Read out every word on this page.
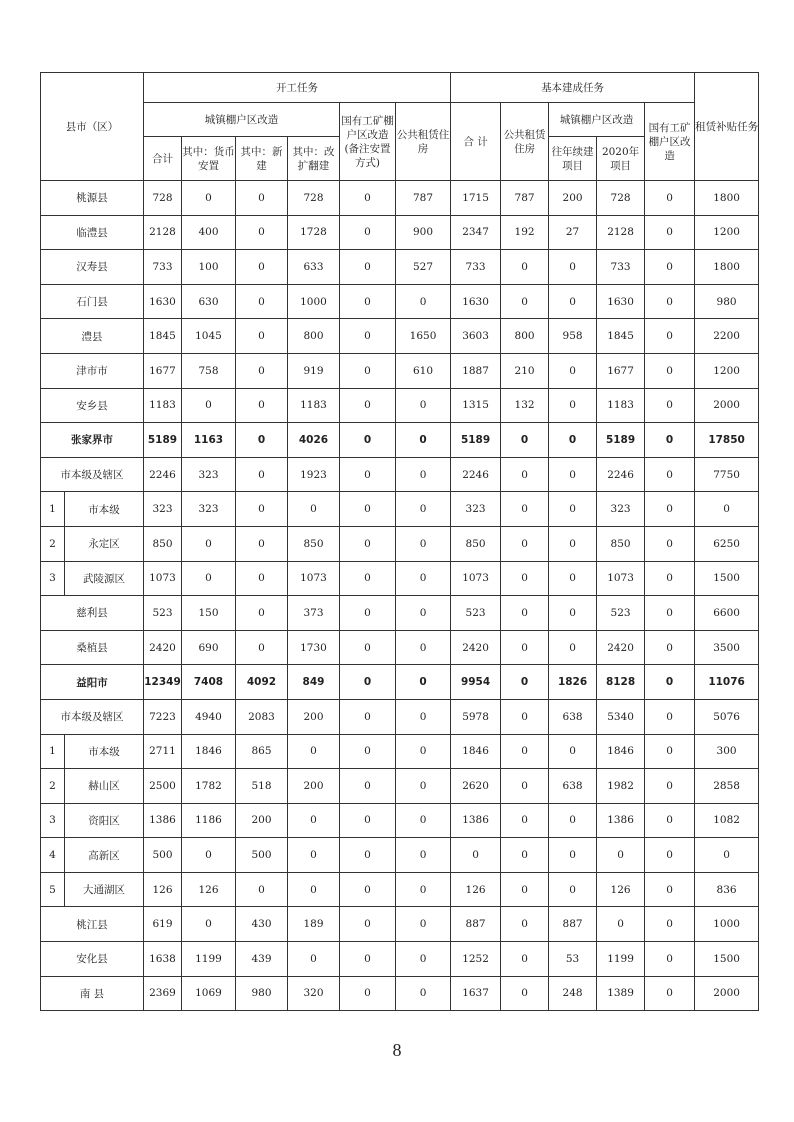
县市（区）		开工任务						基本建成任务					租赁补贴任务
		城镇棚户区改造				国有工矿棚户区改造(备注安置方式)	公共租赁住房	合 计	公共租赁住房	城镇棚户区改造		国有工矿棚户区改造	
		合计	其中：货币安置	其中：新 建	其中：改扩翻建					往年续建项目	2020年项目		
桃源县		728	0	0	728	0	787	1715	787	200	728	0	1800
临澧县		2128	400	0	1728	0	900	2347	192	27	2128	0	1200
汉寿县		733	100	0	633	0	527	733	0	0	733	0	1800
石门县		1630	630	0	1000	0	0	1630	0	0	1630	0	980
澧县		1845	1045	0	800	0	1650	3603	800	958	1845	0	2200
津市市		1677	758	0	919	0	610	1887	210	0	1677	0	1200
安乡县		1183	0	0	1183	0	0	1315	132	0	1183	0	2000
张家界市		5189	1163	0	4026	0	0	5189	0	0	5189	0	17850
市本级及辖区		2246	323	0	1923	0	0	2246	0	0	2246	0	7750
1	市本级	323	323	0	0	0	0	323	0	0	323	0	0
2	永定区	850	0	0	850	0	0	850	0	0	850	0	6250
3	武陵源区	1073	0	0	1073	0	0	1073	0	0	1073	0	1500
慈利县		523	150	0	373	0	0	523	0	0	523	0	6600
桑植县		2420	690	0	1730	0	0	2420	0	0	2420	0	3500
益阳市		12349	7408	4092	849	0	0	9954	0	1826	8128	0	11076
市本级及辖区		7223	4940	2083	200	0	0	5978	0	638	5340	0	5076
1	市本级	2711	1846	865	0	0	0	1846	0	0	1846	0	300
2	赫山区	2500	1782	518	200	0	0	2620	0	638	1982	0	2858
3	资阳区	1386	1186	200	0	0	0	1386	0	0	1386	0	1082
4	高新区	500	0	500	0	0	0	0	0	0	0	0	0
5	大通湖区	126	126	0	0	0	0	126	0	0	126	0	836
桃江县		619	0	430	189	0	0	887	0	887	0	0	1000
安化县		1638	1199	439	0	0	0	1252	0	53	1199	0	1500
南 县		2369	1069	980	320	0	0	1637	0	248	1389	0	2000
8
